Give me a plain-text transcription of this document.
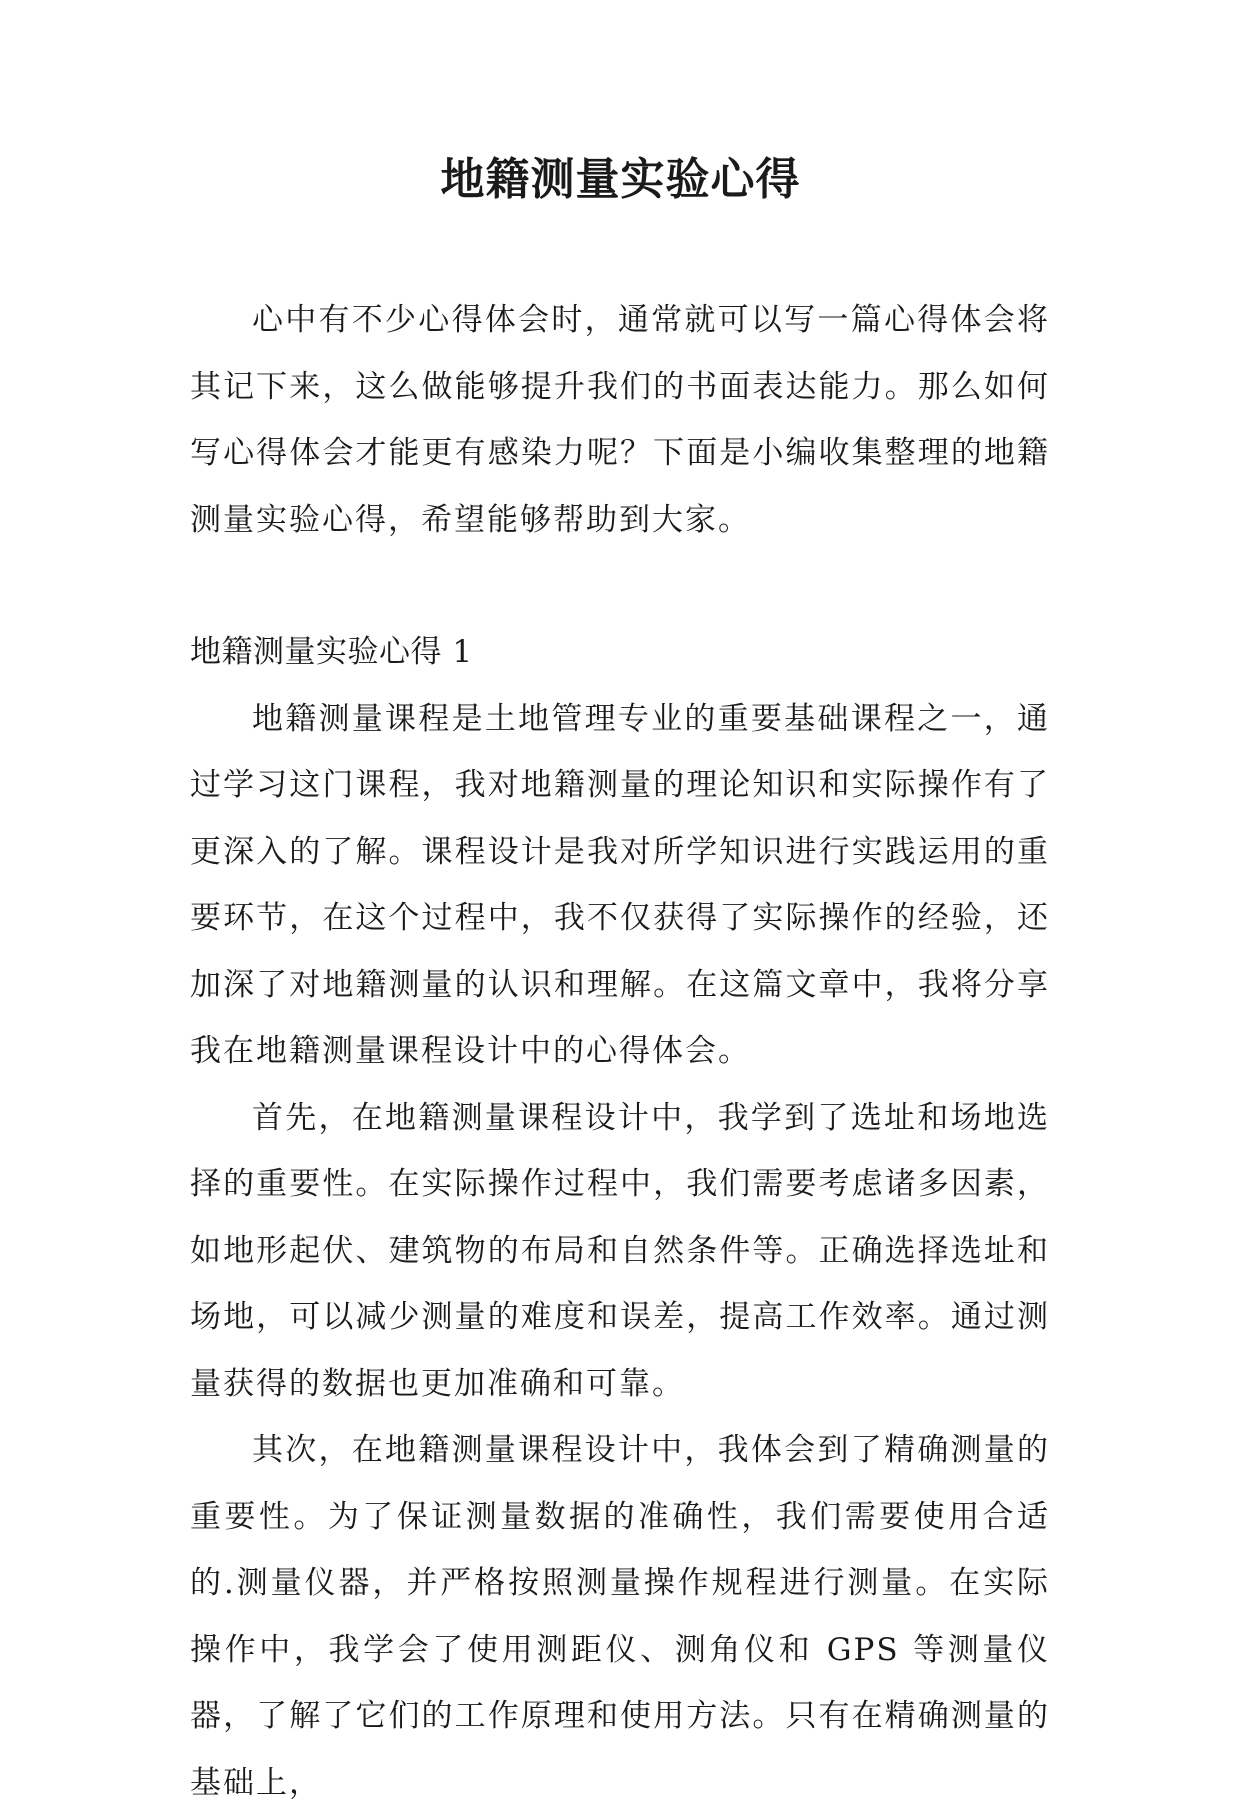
地籍测量实验心得

心中有不少心得体会时，通常就可以写一篇心得体会将其记下来，这么做能够提升我们的书面表达能力。那么如何写心得体会才能更有感染力呢？下面是小编收集整理的地籍测量实验心得，希望能够帮助到大家。

地籍测量实验心得 1

地籍测量课程是土地管理专业的重要基础课程之一，通过学习这门课程，我对地籍测量的理论知识和实际操作有了更深入的了解。课程设计是我对所学知识进行实践运用的重要环节，在这个过程中，我不仅获得了实际操作的经验，还加深了对地籍测量的认识和理解。在这篇文章中，我将分享我在地籍测量课程设计中的心得体会。

首先，在地籍测量课程设计中，我学到了选址和场地选择的重要性。在实际操作过程中，我们需要考虑诸多因素，如地形起伏、建筑物的布局和自然条件等。正确选择选址和场地，可以减少测量的难度和误差，提高工作效率。通过测量获得的数据也更加准确和可靠。

其次，在地籍测量课程设计中，我体会到了精确测量的重要性。为了保证测量数据的准确性，我们需要使用合适的.测量仪器，并严格按照测量操作规程进行测量。在实际操作中，我学会了使用测距仪、测角仪和 GPS 等测量仪器，了解了它们的工作原理和使用方法。只有在精确测量的基础上，
